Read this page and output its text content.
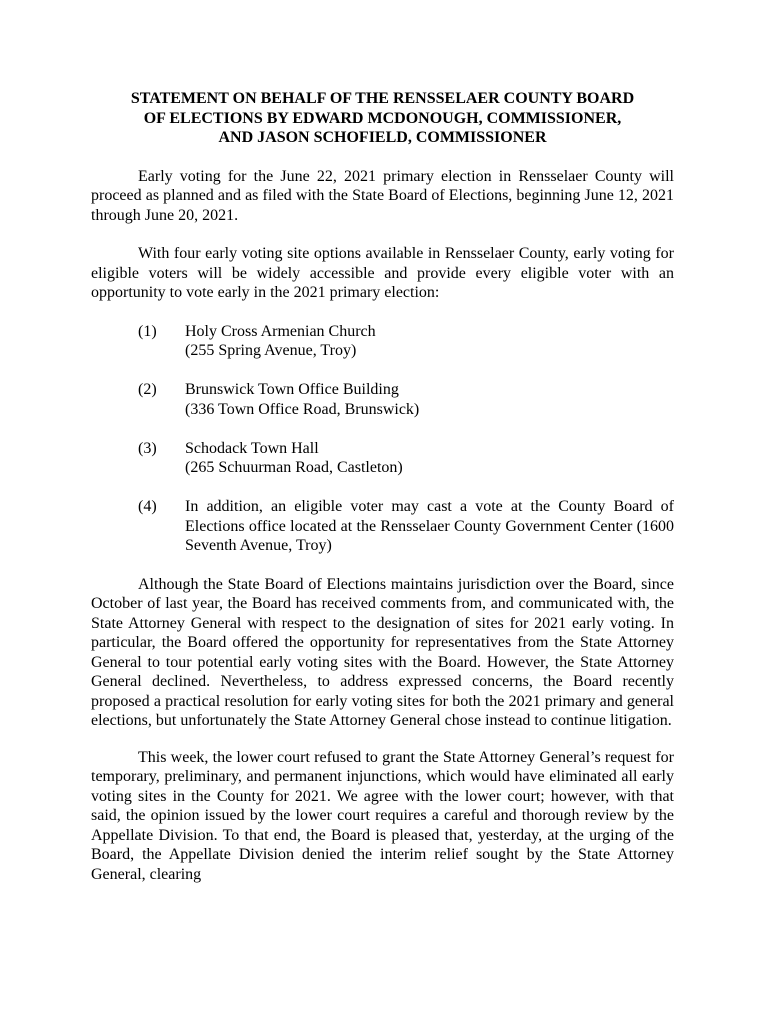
STATEMENT ON BEHALF OF THE RENSSELAER COUNTY BOARD
OF ELECTIONS BY EDWARD MCDONOUGH, COMMISSIONER,
AND JASON SCHOFIELD, COMMISSIONER

Early voting for the June 22, 2021 primary election in Rensselaer County will proceed as planned and as filed with the State Board of Elections, beginning June 12, 2021 through June 20, 2021.

With four early voting site options available in Rensselaer County, early voting for eligible voters will be widely accessible and provide every eligible voter with an opportunity to vote early in the 2021 primary election:

(1)	Holy Cross Armenian Church
(255 Spring Avenue, Troy)
(2)	Brunswick Town Office Building
(336 Town Office Road, Brunswick)
(3)	Schodack Town Hall
(265 Schuurman Road, Castleton)
(4)	In addition, an eligible voter may cast a vote at the County Board of Elections office located at the Rensselaer County Government Center (1600 Seventh Avenue, Troy)

Although the State Board of Elections maintains jurisdiction over the Board, since October of last year, the Board has received comments from, and communicated with, the State Attorney General with respect to the designation of sites for 2021 early voting. In particular, the Board offered the opportunity for representatives from the State Attorney General to tour potential early voting sites with the Board. However, the State Attorney General declined. Nevertheless, to address expressed concerns, the Board recently proposed a practical resolution for early voting sites for both the 2021 primary and general elections, but unfortunately the State Attorney General chose instead to continue litigation.

This week, the lower court refused to grant the State Attorney General’s request for temporary, preliminary, and permanent injunctions, which would have eliminated all early voting sites in the County for 2021. We agree with the lower court; however, with that said, the opinion issued by the lower court requires a careful and thorough review by the Appellate Division. To that end, the Board is pleased that, yesterday, at the urging of the Board, the Appellate Division denied the interim relief sought by the State Attorney General, clearing
